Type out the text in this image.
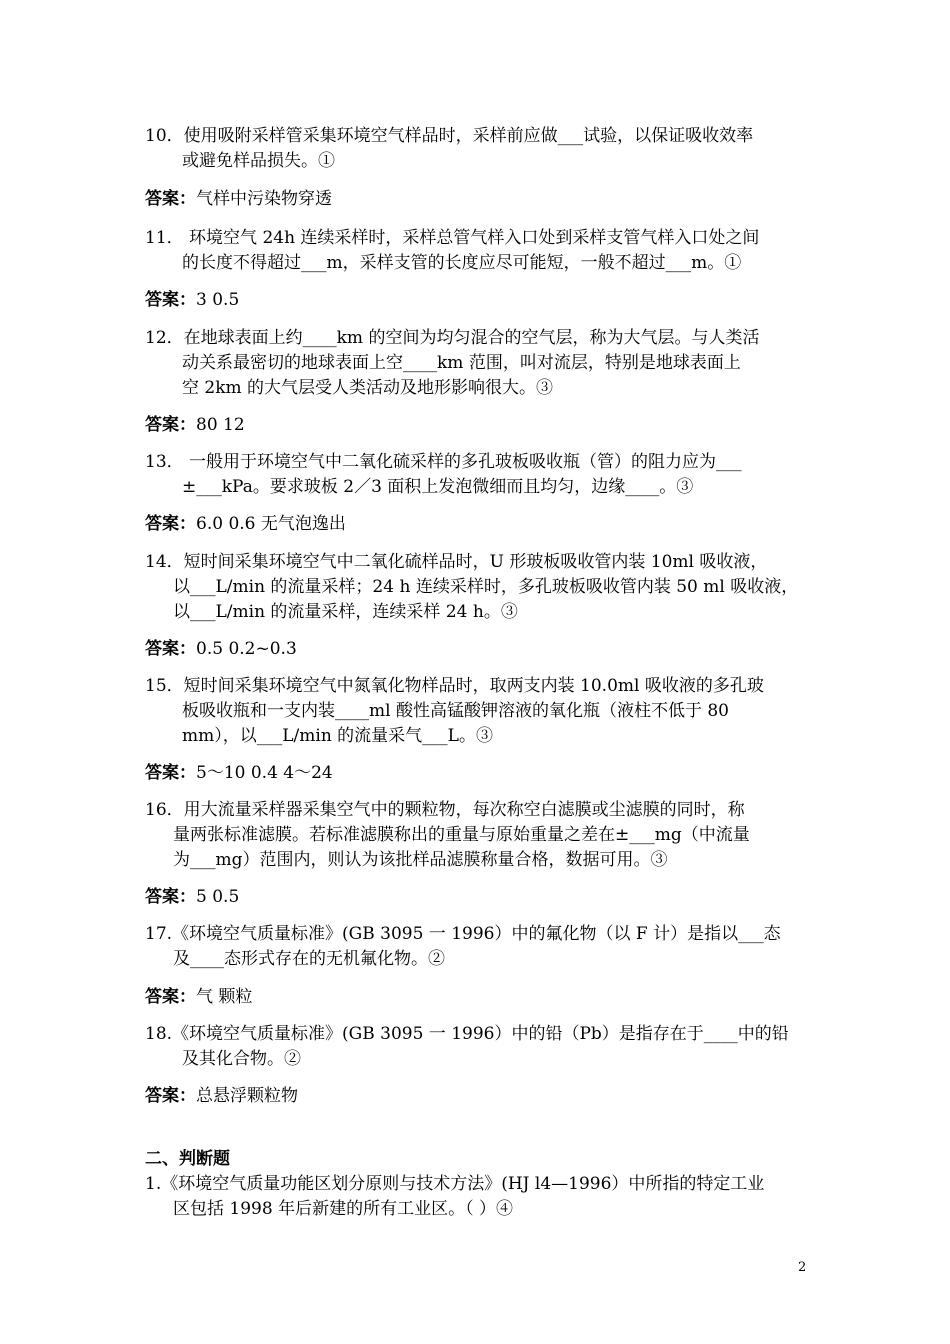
10．使用吸附采样管采集环境空气样品时，采样前应做___试验，以保证吸收效率
或避免样品损失。①
答案：气样中污染物穿透
11． 环境空气 24h 连续采样时，采样总管气样入口处到采样支管气样入口处之间
的长度不得超过___m，采样支管的长度应尽可能短，一般不超过___m。①
答案：3 0.5
12．在地球表面上约____km 的空间为均匀混合的空气层，称为大气层。与人类活
动关系最密切的地球表面上空____km 范围，叫对流层，特别是地球表面上
空 2km 的大气层受人类活动及地形影响很大。③
答案：80 12
13． 一般用于环境空气中二氧化硫采样的多孔玻板吸收瓶（管）的阻力应为___
±___kPa。要求玻板 2／3 面积上发泡微细而且均匀，边缘____。③
答案：6.0 0.6 无气泡逸出
14．短时间采集环境空气中二氧化硫样品时，U 形玻板吸收管内装 10ml 吸收液，
以___L/min 的流量采样；24 h 连续采样时，多孔玻板吸收管内装 50 ml 吸收液，
以___L/min 的流量采样，连续采样 24 h。③
答案：0.5 0.2~0.3
15．短时间采集环境空气中氮氧化物样品时，取两支内装 10.0ml 吸收液的多孔玻
板吸收瓶和一支内装____ml 酸性高锰酸钾溶液的氧化瓶（液柱不低于 80
mm），以___L/min 的流量采气___L。③
答案：5～10 0.4 4～24
16．用大流量采样器采集空气中的颗粒物，每次称空白滤膜或尘滤膜的同时，称
量两张标准滤膜。若标准滤膜称出的重量与原始重量之差在±___mg（中流量
为___mg）范围内，则认为该批样品滤膜称量合格，数据可用。③
答案：5 0.5
17.《环境空气质量标准》(GB 3095 一 1996）中的氟化物（以 F 计）是指以___态
及____态形式存在的无机氟化物。②
答案：气 颗粒
18.《环境空气质量标准》(GB 3095 一 1996）中的铅（Pb）是指存在于____中的铅
及其化合物。②
答案：总悬浮颗粒物
二、判断题
1.《环境空气质量功能区划分原则与技术方法》(HJ l4—1996）中所指的特定工业
区包括 1998 年后新建的所有工业区。（ ）④
2
